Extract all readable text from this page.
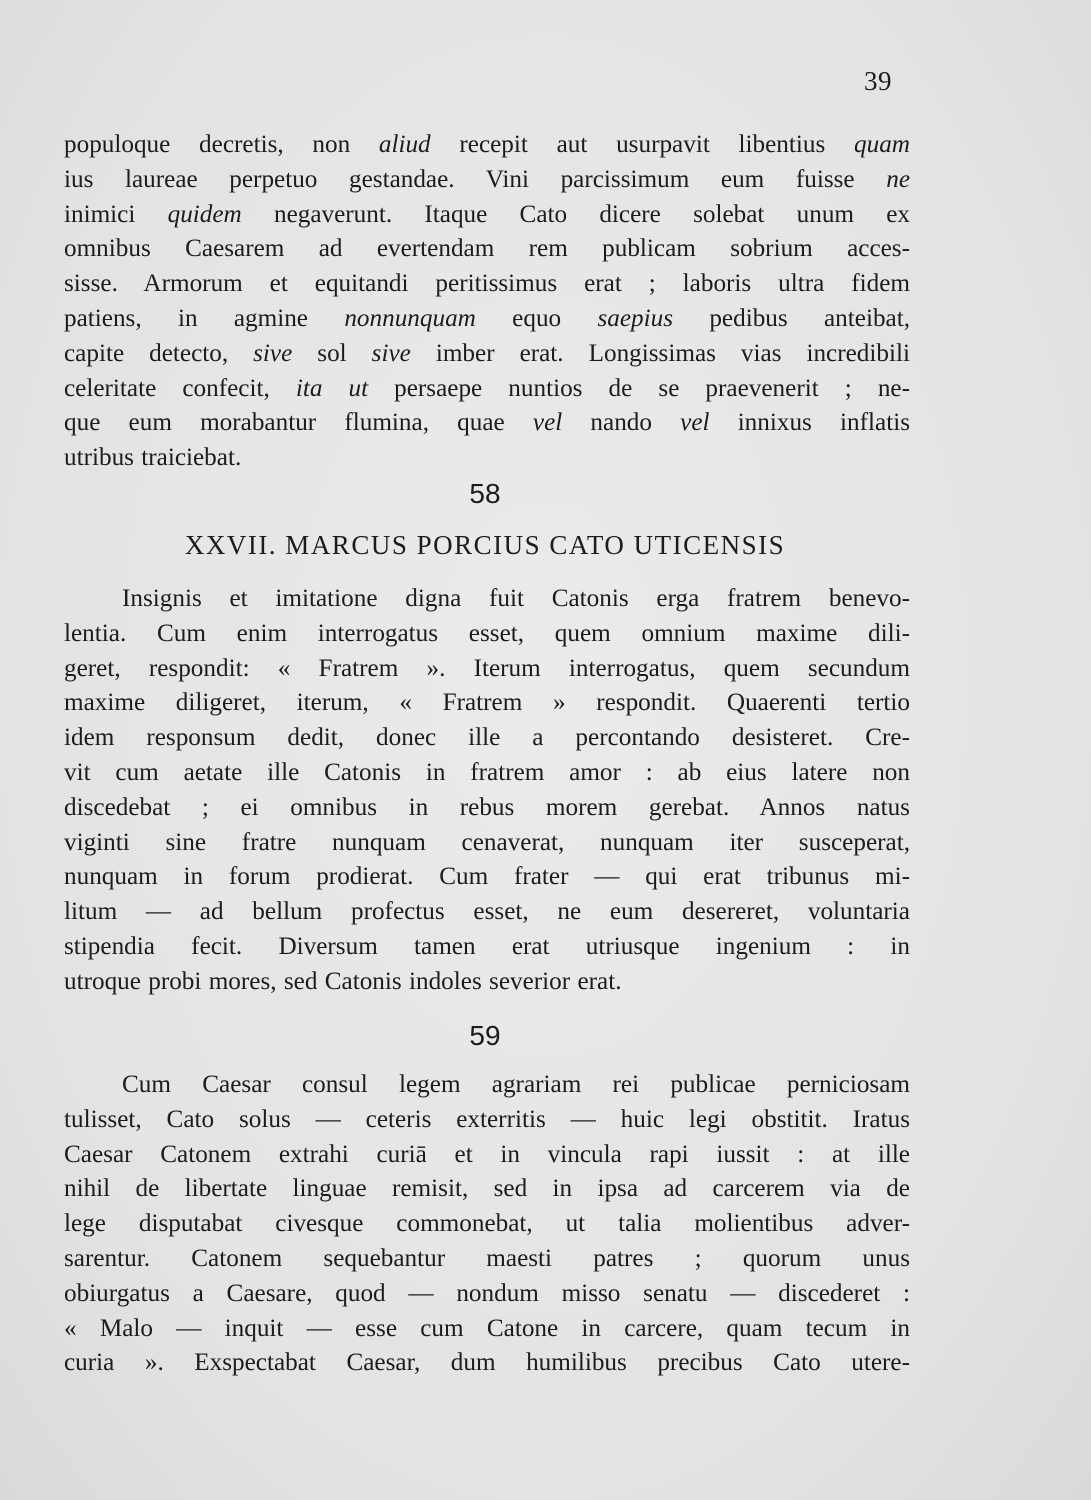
39
populoque decretis, non aliud recepit aut usurpavit libentius quam
ius laureae perpetuo gestandae. Vini parcissimum eum fuisse ne
inimici quidem negaverunt. Itaque Cato dicere solebat unum ex
omnibus Caesarem ad evertendam rem publicam sobrium acces-
sisse. Armorum et equitandi peritissimus erat ; laboris ultra fidem
patiens, in agmine nonnunquam equo saepius pedibus anteibat,
capite detecto, sive sol sive imber erat. Longissimas vias incredibili
celeritate confecit, ita ut persaepe nuntios de se praevenerit ; ne-
que eum morabantur flumina, quae vel nando vel innixus inflatis
utribus traiciebat.
58
XXVII. MARCUS PORCIUS CATO UTICENSIS
Insignis et imitatione digna fuit Catonis erga fratrem benevo-
lentia. Cum enim interrogatus esset, quem omnium maxime dili-
geret, respondit: « Fratrem ». Iterum interrogatus, quem secundum
maxime diligeret, iterum, « Fratrem » respondit. Quaerenti tertio
idem responsum dedit, donec ille a percontando desisteret. Cre-
vit cum aetate ille Catonis in fratrem amor : ab eius latere non
discedebat ; ei omnibus in rebus morem gerebat. Annos natus
viginti sine fratre nunquam cenaverat, nunquam iter susceperat,
nunquam in forum prodierat. Cum frater — qui erat tribunus mi-
litum — ad bellum profectus esset, ne eum desereret, voluntaria
stipendia fecit. Diversum tamen erat utriusque ingenium : in
utroque probi mores, sed Catonis indoles severior erat.
59
Cum Caesar consul legem agrariam rei publicae perniciosam
tulisset, Cato solus — ceteris exterritis — huic legi obstitit. Iratus
Caesar Catonem extrahi curiā et in vincula rapi iussit : at ille
nihil de libertate linguae remisit, sed in ipsa ad carcerem via de
lege disputabat civesque commonebat, ut talia molientibus adver-
sarentur. Catonem sequebantur maesti patres ; quorum unus
obiurgatus a Caesare, quod — nondum misso senatu — discederet :
« Malo — inquit — esse cum Catone in carcere, quam tecum in
curia ». Exspectabat Caesar, dum humilibus precibus Cato utere-
